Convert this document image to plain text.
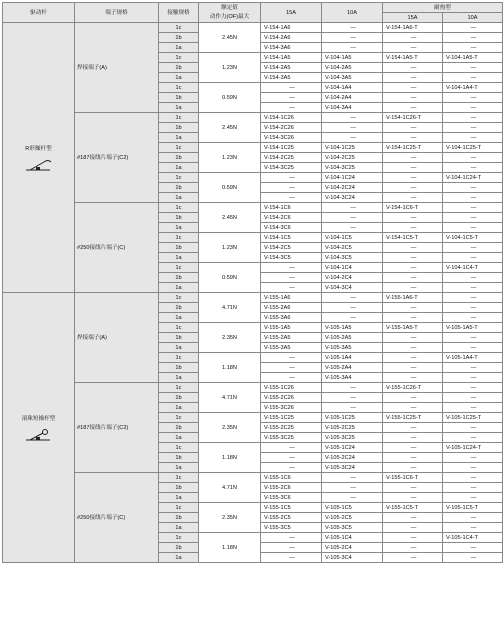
驱动杆	端子规格	接触规格	额定值	15A	10A	耐热型	
			动作力(OF)最大			15A	10A

R形操杆型	焊接端子(A)	1c	2.45N	V-154-1A6	—	V-154-1A6-T	—
		1b		V-154-2A6	—	—	—
		1a		V-154-3A6	—	—	—
		1c	1.23N	V-154-1A5	V-104-1A5	V-154-1A5-T	V-104-1A5-T
		1b		V-154-2A5	V-104-2A5	—	—
		1a		V-154-3A5	V-104-3A5	—	—
		1c	0.59N	—	V-104-1A4	—	V-104-1A4-T
		1b		—	V-104-2A4	—	—
		1a		—	V-104-3A4	—	—
	#187接线片端子(C2)	1c	2.45N	V-154-1C26	—	V-154-1C26-T	—
		1b		V-154-2C26	—	—	—
		1a		V-154-3C26	—	—	—
		1c	1.23N	V-154-1C25	V-104-1C25	V-154-1C25-T	V-104-1C25-T
		1b		V-154-2C25	V-104-2C25	—	—
		1a		V-154-3C25	V-104-3C25	—	—
		1c	0.59N	—	V-104-1C24	—	V-104-1C24-T
		1b		—	V-104-2C24	—	—
		1a		—	V-104-3C24	—	—
	#250接线片端子(C)	1c	2.45N	V-154-1C6	—	V-154-1C6-T	—
		1b		V-154-2C6	—	—	—
		1a		V-154-3C6	—	—	—
		1c	1.23N	V-154-1C5	V-104-1C5	V-154-1C5-T	V-104-1C5-T
		1b		V-154-2C5	V-104-2C5	—	—
		1a		V-154-3C5	V-104-3C5	—	—
		1c	0.59N	—	V-104-1C4	—	V-104-1C4-T
		1b		—	V-104-2C4	—	—
		1a		—	V-104-3C4	—	—

滚珠短操杆型	焊接端子(A)	1c	4.71N	V-155-1A6	—	V-155-1A6-T	—
		1b		V-155-2A6	—	—	—
		1a		V-155-3A6	—	—	—
		1c	2.35N	V-155-1A5	V-105-1A5	V-155-1A5-T	V-105-1A5-T
		1b		V-155-2A5	V-105-2A5	—	—
		1a		V-155-3A5	V-105-3A5	—	—
		1c	1.18N	—	V-105-1A4	—	V-105-1A4-T
		1b		—	V-105-2A4	—	—
		1a		—	V-105-3A4	—	—
	#187接线片端子(C2)	1c	4.71N	V-155-1C26	—	V-155-1C26-T	—
		1b		V-155-2C26	—	—	—
		1a		V-155-3C26	—	—	—
		1c	2.35N	V-155-1C25	V-105-1C25	V-155-1C25-T	V-105-1C25-T
		1b		V-155-2C25	V-105-2C25	—	—
		1a		V-155-3C25	V-105-3C25	—	—
		1c	1.18N	—	V-105-1C24	—	V-105-1C24-T
		1b		—	V-105-2C24	—	—
		1a		—	V-105-3C24	—	—
	#250接线片端子(C)	1c	4.71N	V-155-1C6	—	V-155-1C6-T	—
		1b		V-155-2C6	—	—	—
		1a		V-155-3C6	—	—	—
		1c	2.35N	V-155-1C5	V-105-1C5	V-155-1C5-T	V-105-1C5-T
		1b		V-155-2C5	V-105-2C5	—	—
		1a		V-155-3C5	V-105-3C5	—	—
		1c	1.18N	—	V-105-1C4	—	V-105-1C4-T
		1b		—	V-105-2C4	—	—
		1a		—	V-105-3C4	—	—
